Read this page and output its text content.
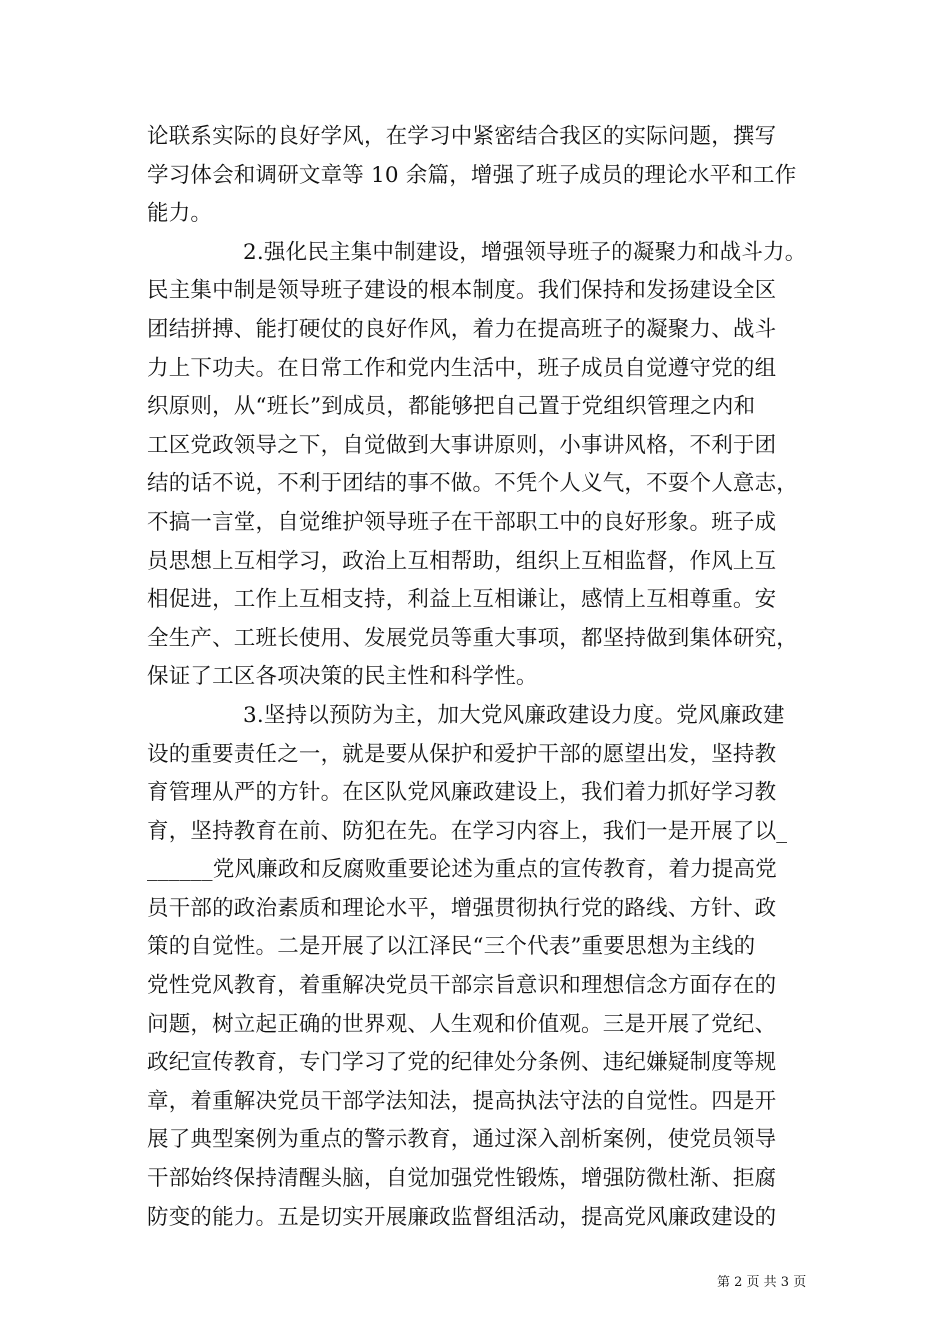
论联系实际的良好学风，在学习中紧密结合我区的实际问题，撰写
学习体会和调研文章等 10 余篇，增强了班子成员的理论水平和工作
能力。
2.强化民主集中制建设，增强领导班子的凝聚力和战斗力。
民主集中制是领导班子建设的根本制度。我们保持和发扬建设全区
团结拼搏、能打硬仗的良好作风，着力在提高班子的凝聚力、战斗
力上下功夫。在日常工作和党内生活中，班子成员自觉遵守党的组
织原则，从“班长”到成员，都能够把自己置于党组织管理之内和
工区党政领导之下，自觉做到大事讲原则，小事讲风格，不利于团
结的话不说，不利于团结的事不做。不凭个人义气，不耍个人意志，
不搞一言堂，自觉维护领导班子在干部职工中的良好形象。班子成
员思想上互相学习，政治上互相帮助，组织上互相监督，作风上互
相促进，工作上互相支持，利益上互相谦让，感情上互相尊重。安
全生产、工班长使用、发展党员等重大事项，都坚持做到集体研究，
保证了工区各项决策的民主性和科学性。
3.坚持以预防为主，加大党风廉政建设力度。党风廉政建
设的重要责任之一，就是要从保护和爱护干部的愿望出发，坚持教
育管理从严的方针。在区队党风廉政建设上，我们着力抓好学习教
育，坚持教育在前、防犯在先。在学习内容上，我们一是开展了以_
______党风廉政和反腐败重要论述为重点的宣传教育，着力提高党
员干部的政治素质和理论水平，增强贯彻执行党的路线、方针、政
策的自觉性。二是开展了以江泽民“三个代表”重要思想为主线的
党性党风教育，着重解决党员干部宗旨意识和理想信念方面存在的
问题，树立起正确的世界观、人生观和价值观。三是开展了党纪、
政纪宣传教育，专门学习了党的纪律处分条例、违纪嫌疑制度等规
章，着重解决党员干部学法知法，提高执法守法的自觉性。四是开
展了典型案例为重点的警示教育，通过深入剖析案例，使党员领导
干部始终保持清醒头脑，自觉加强党性锻炼，增强防微杜渐、拒腐
防变的能力。五是切实开展廉政监督组活动，提高党风廉政建设的
第 2 页 共 3 页
